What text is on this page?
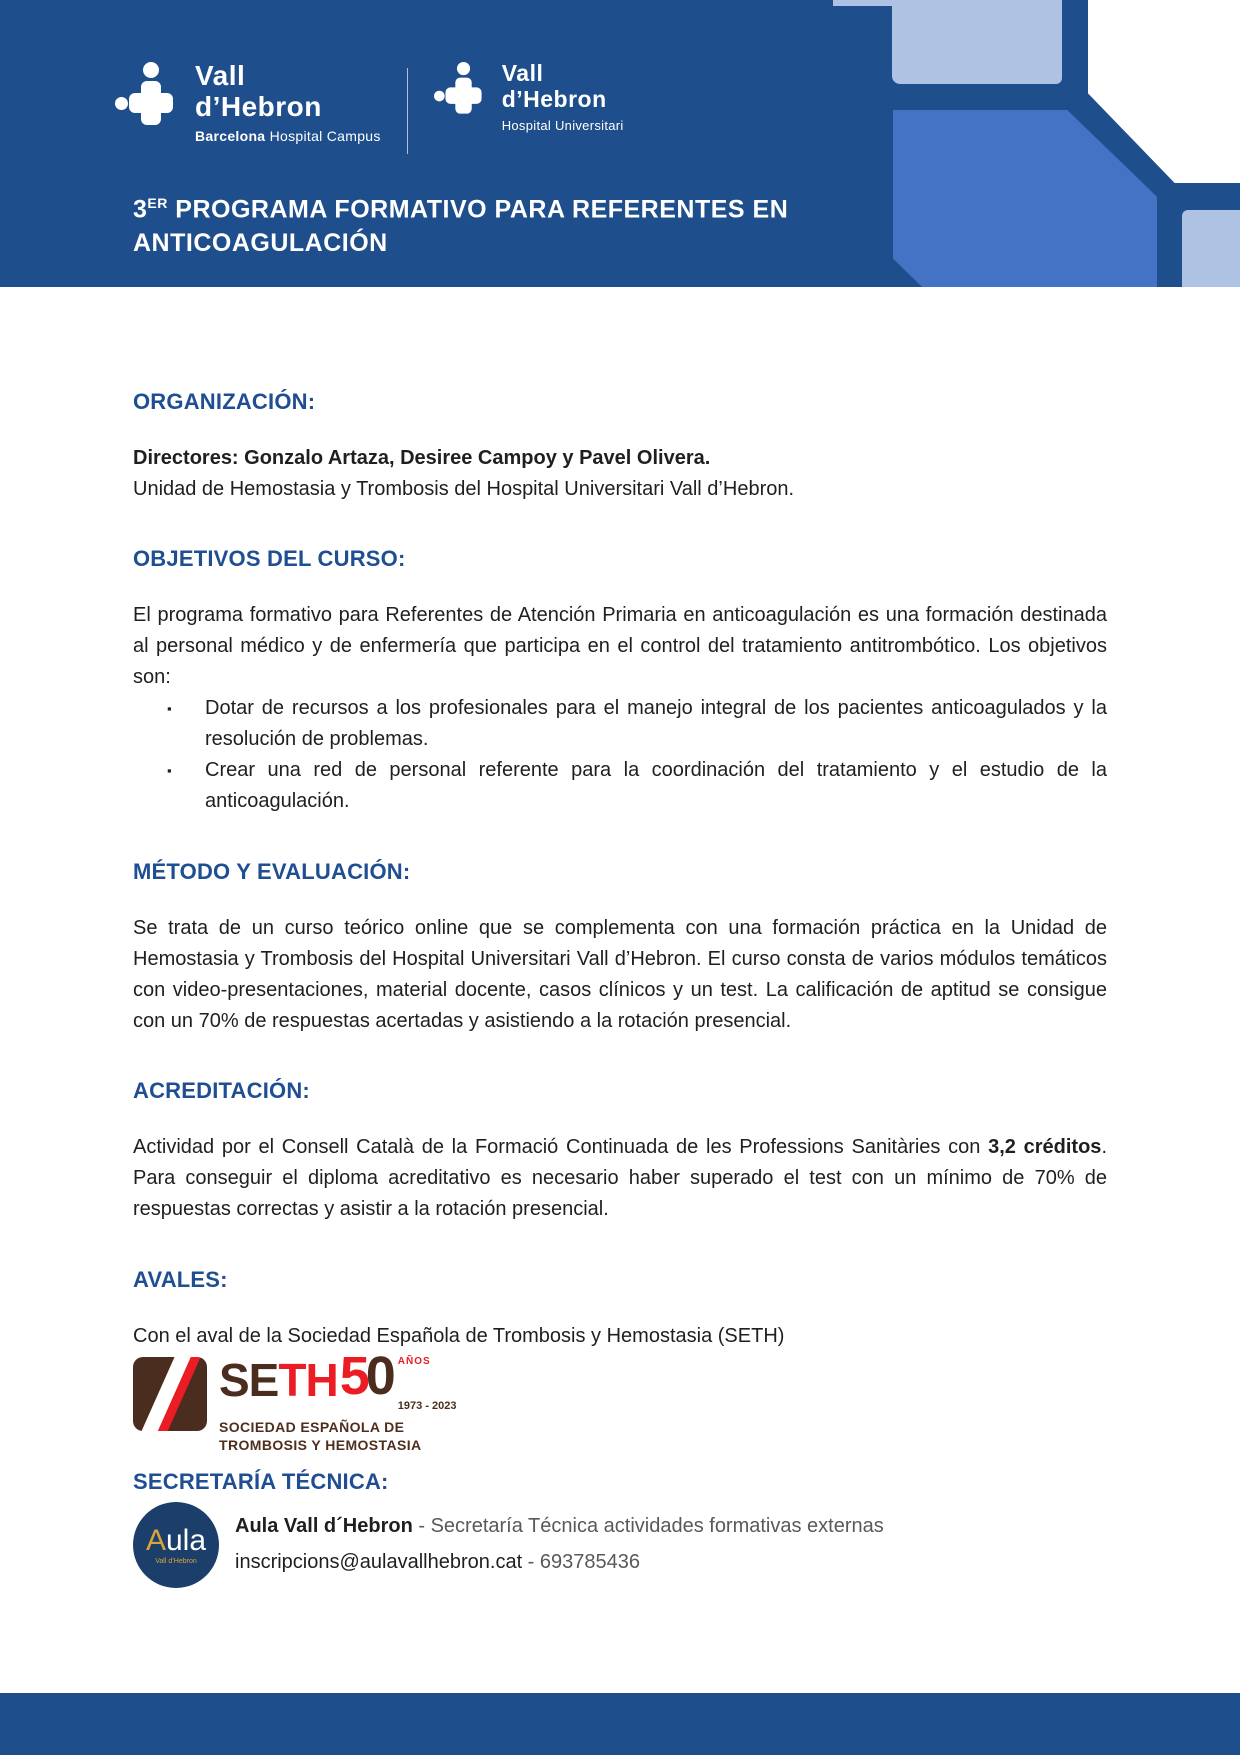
Vall
d’Hebron
Barcelona Hospital Campus
Vall
d’Hebron
Hospital Universitari
3ER PROGRAMA FORMATIVO PARA REFERENTES EN
ANTICOAGULACIÓN
ORGANIZACIÓN:

Directores: Gonzalo Artaza, Desiree Campoy y Pavel Olivera.
Unidad de Hemostasia y Trombosis del Hospital Universitari Vall d’Hebron.

OBJETIVOS DEL CURSO:

El programa formativo para Referentes de Atención Primaria en anticoagulación es una formación destinada al personal médico y de enfermería que participa en el control del tratamiento antitrombótico. Los objetivos son:

▪	Dotar de recursos a los profesionales para el manejo integral de los pacientes anticoagulados y la resolución de problemas.
▪	Crear una red de personal referente para la coordinación del tratamiento y el estudio de la anticoagulación.
MÉTODO Y EVALUACIÓN:

Se trata de un curso teórico online que se complementa con una formación práctica en la Unidad de Hemostasia y Trombosis del Hospital Universitari Vall d’Hebron. El curso consta de varios módulos temáticos con video-presentaciones, material docente, casos clínicos y un test. La calificación de aptitud se consigue con un 70% de respuestas acertadas y asistiendo a la rotación presencial.

ACREDITACIÓN:

Actividad por el Consell Català de la Formació Continuada de les Professions Sanitàries con 3,2 créditos. Para conseguir el diploma acreditativo es necesario haber superado el test con un mínimo de 70% de respuestas correctas y asistir a la rotación presencial.

AVALES:

Con el aval de la Sociedad Española de Trombosis y Hemostasia (SETH)

SE TH 5
0 AÑOS
1973 - 2023
SOCIEDAD ESPAÑOLA DE
TROMBOSIS Y HEMOSTASIA
SECRETARÍA TÉCNICA:
Aula
Vall d’Hebron
Aula Vall d´Hebron - Secretaría Técnica actividades formativas externas
inscripcions@aulavallhebron.cat - 693785436
